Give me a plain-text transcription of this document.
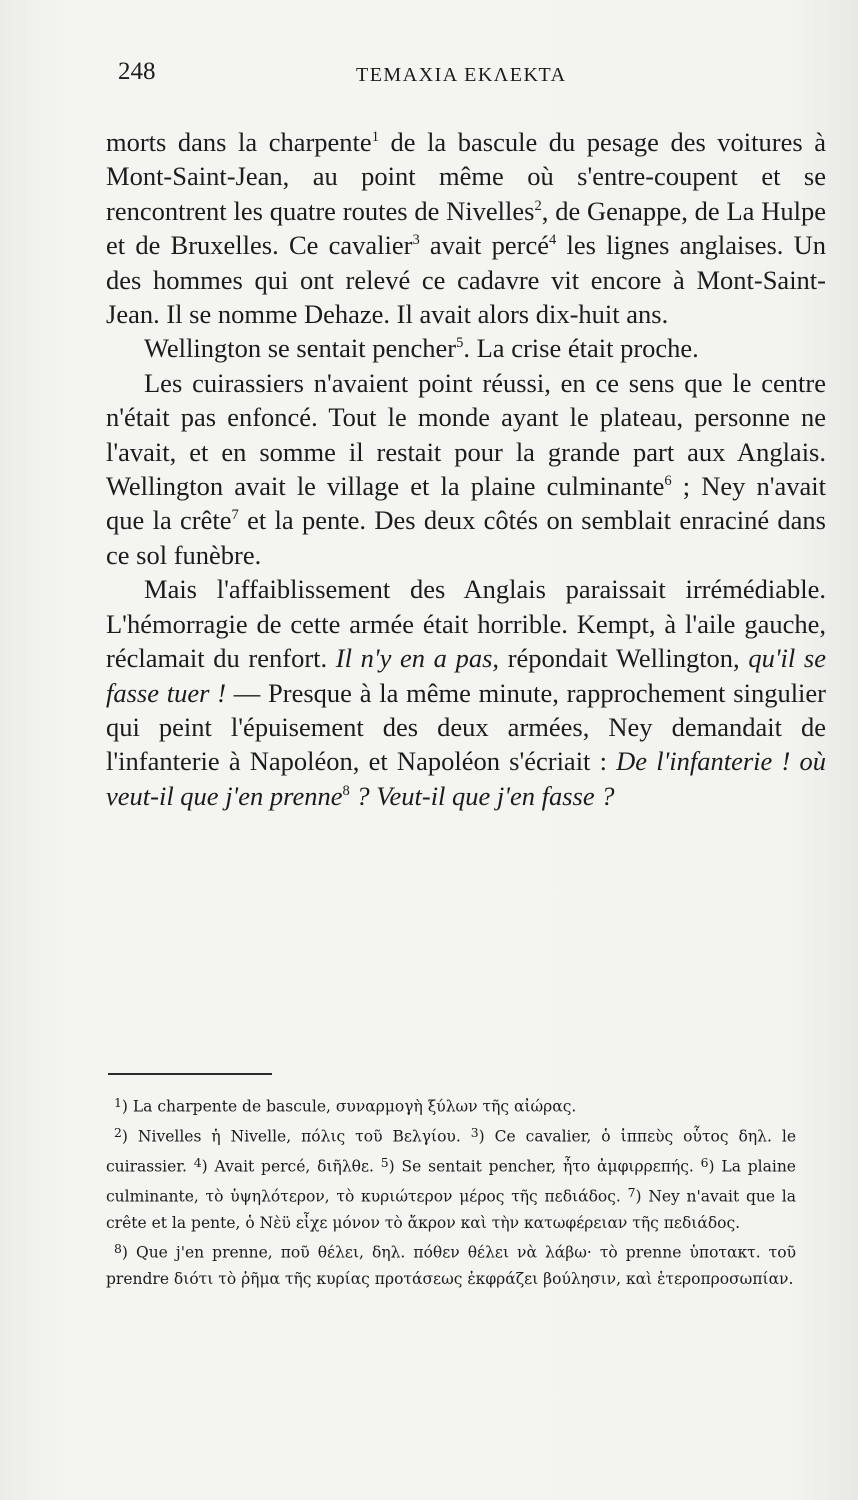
248	ΤΕΜΑΧΙΑ ΕΚΛΕΚΤΑ

morts dans la charpente$^1$ de la bascule du pesage des voitures à Mont-Saint-Jean, au point même où s'entre-coupent et se rencontrent les quatre routes de Nivelles$^2$, de Genappe, de La Hulpe et de Bruxelles. Ce cavalier$^3$ avait percé$^4$ les lignes anglaises. Un des hommes qui ont relevé ce cadavre vit encore à Mont-Saint-Jean. Il se nomme Dehaze. Il avait alors dix-huit ans.

Wellington se sentait pencher$^5$. La crise était proche.

Les cuirassiers n'avaient point réussi, en ce sens que le centre n'était pas enfoncé. Tout le monde ayant le plateau, personne ne l'avait, et en somme il restait pour la grande part aux Anglais. Wellington avait le village et la plaine culminante$^6$ ; Ney n'avait que la crête$^7$ et la pente. Des deux côtés on semblait enraciné dans ce sol funèbre.

Mais l'affaiblissement des Anglais paraissait irrémédiable. L'hémorragie de cette armée était horrible. Kempt, à l'aile gauche, réclamait du renfort. Il n'y en a pas, répondait Wellington, qu'il se fasse tuer ! — Presque à la même minute, rapprochement singulier qui peint l'épuisement des deux armées, Ney demandait de l'infanterie à Napoléon, et Napoléon s'écriait : De l'infanterie ! où veut-il que j'en prenne$^8$ ? Veut-il que j'en fasse ?

$^1$) La charpente de bascule, συναρμογὴ ξύλων τῆς αἰώρας.

$^2$) Nivelles ἡ Nivelle, πόλις τοῦ Βελγίου. $^3$) Ce cavalier, ὁ ἱππεὺς οὗτος δηλ. le cuirassier. $^4$) Avait percé, διῆλθε. $^5$) Se sentait pencher, ἦτο ἀμφιρρεπής. $^6$) La plaine culminante, τὸ ὑψηλότερον, τὸ κυριώτερον μέρος τῆς πεδιάδος. $^7$) Ney n'avait que la crête et la pente, ὁ Νὲϋ εἶχε μόνον τὸ ἄκρον καὶ τὴν κατωφέρειαν τῆς πεδιάδος.

$^8$) Que j'en prenne, ποῦ θέλει, δηλ. πόθεν θέλει νὰ λάβω· τὸ prenne ὑποτακτ. τοῦ prendre διότι τὸ ῥῆμα τῆς κυρίας προτάσεως ἐκφράζει βούλησιν, καὶ ἑτεροπροσωπίαν.
